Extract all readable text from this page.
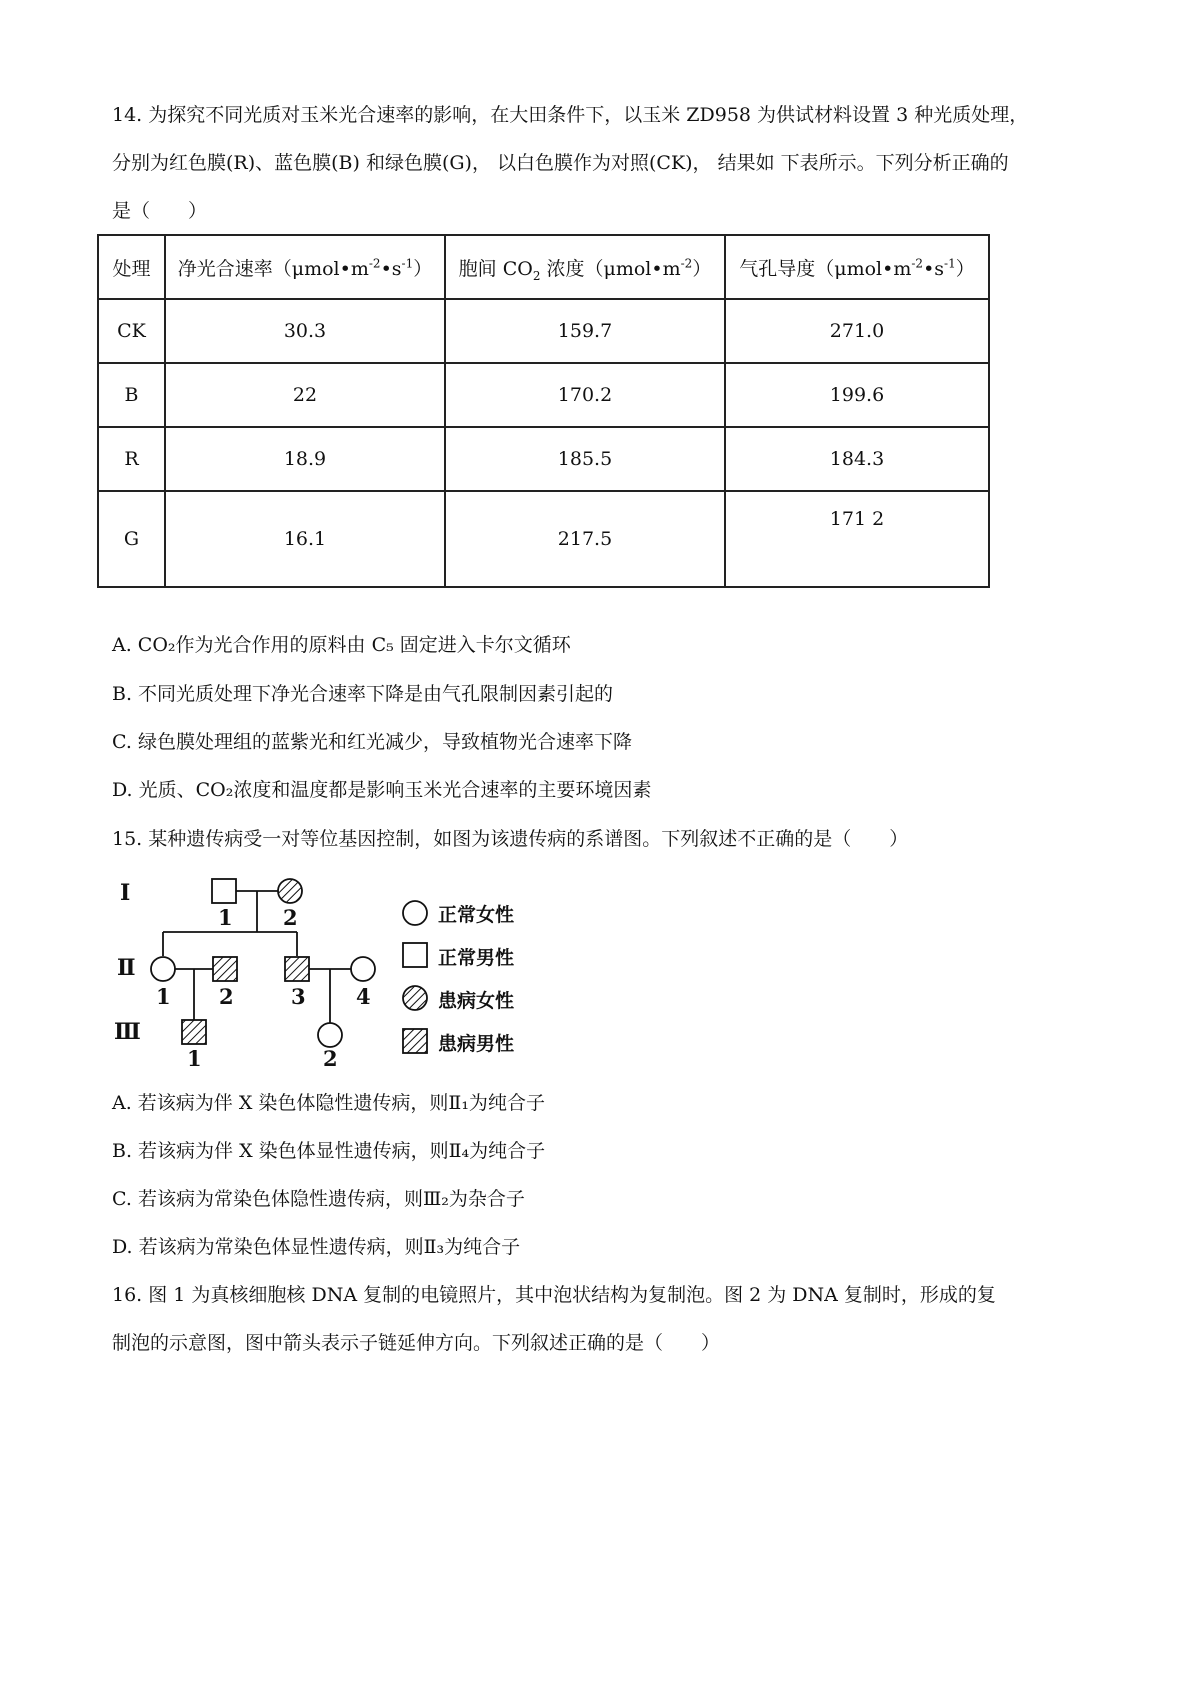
14. 为探究不同光质对玉米光合速率的影响，在大田条件下，以玉米 ZD958 为供试材料设置 3 种光质处理，
分别为红色膜(R)、蓝色膜(B) 和绿色膜(G)， 以白色膜作为对照(CK)， 结果如 下表所示。下列分析正确的
是（　　）
处理	净光合速率$(\mu mol•m^{-2}•s^{-1})$	胞间 $CO_2$ 浓度$(\mu mol•m^{-2})$	气孔导度$(\mu mol•m^{-2}•s^{-1})$
CK	30.3	159.7	271.0
B	22	170.2	199.6
R	18.9	185.5	184.3
G	16.1	217.5	171 2
A. CO₂作为光合作用的原料由 C₅ 固定进入卡尔文循环
B. 不同光质处理下净光合速率下降是由气孔限制因素引起的
C. 绿色膜处理组的蓝紫光和红光减少，导致植物光合速率下降
D. 光质、CO₂浓度和温度都是影响玉米光合速率的主要环境因素
15. 某种遗传病受一对等位基因控制，如图为该遗传病的系谱图。下列叙述不正确的是（　　）
Ⅰ
Ⅱ
Ⅲ
1 2
1 2	3 4
1	2
正常女性
正常男性
患病女性
患病男性
A. 若该病为伴 X 染色体隐性遗传病，则Ⅱ₁为纯合子
B. 若该病为伴 X 染色体显性遗传病，则Ⅱ₄为纯合子
C. 若该病为常染色体隐性遗传病，则Ⅲ₂为杂合子
D. 若该病为常染色体显性遗传病，则Ⅱ₃为纯合子
16. 图 1 为真核细胞核 DNA 复制的电镜照片，其中泡状结构为复制泡。图 2 为 DNA 复制时，形成的复
制泡的示意图，图中箭头表示子链延伸方向。下列叙述正确的是（　　）
